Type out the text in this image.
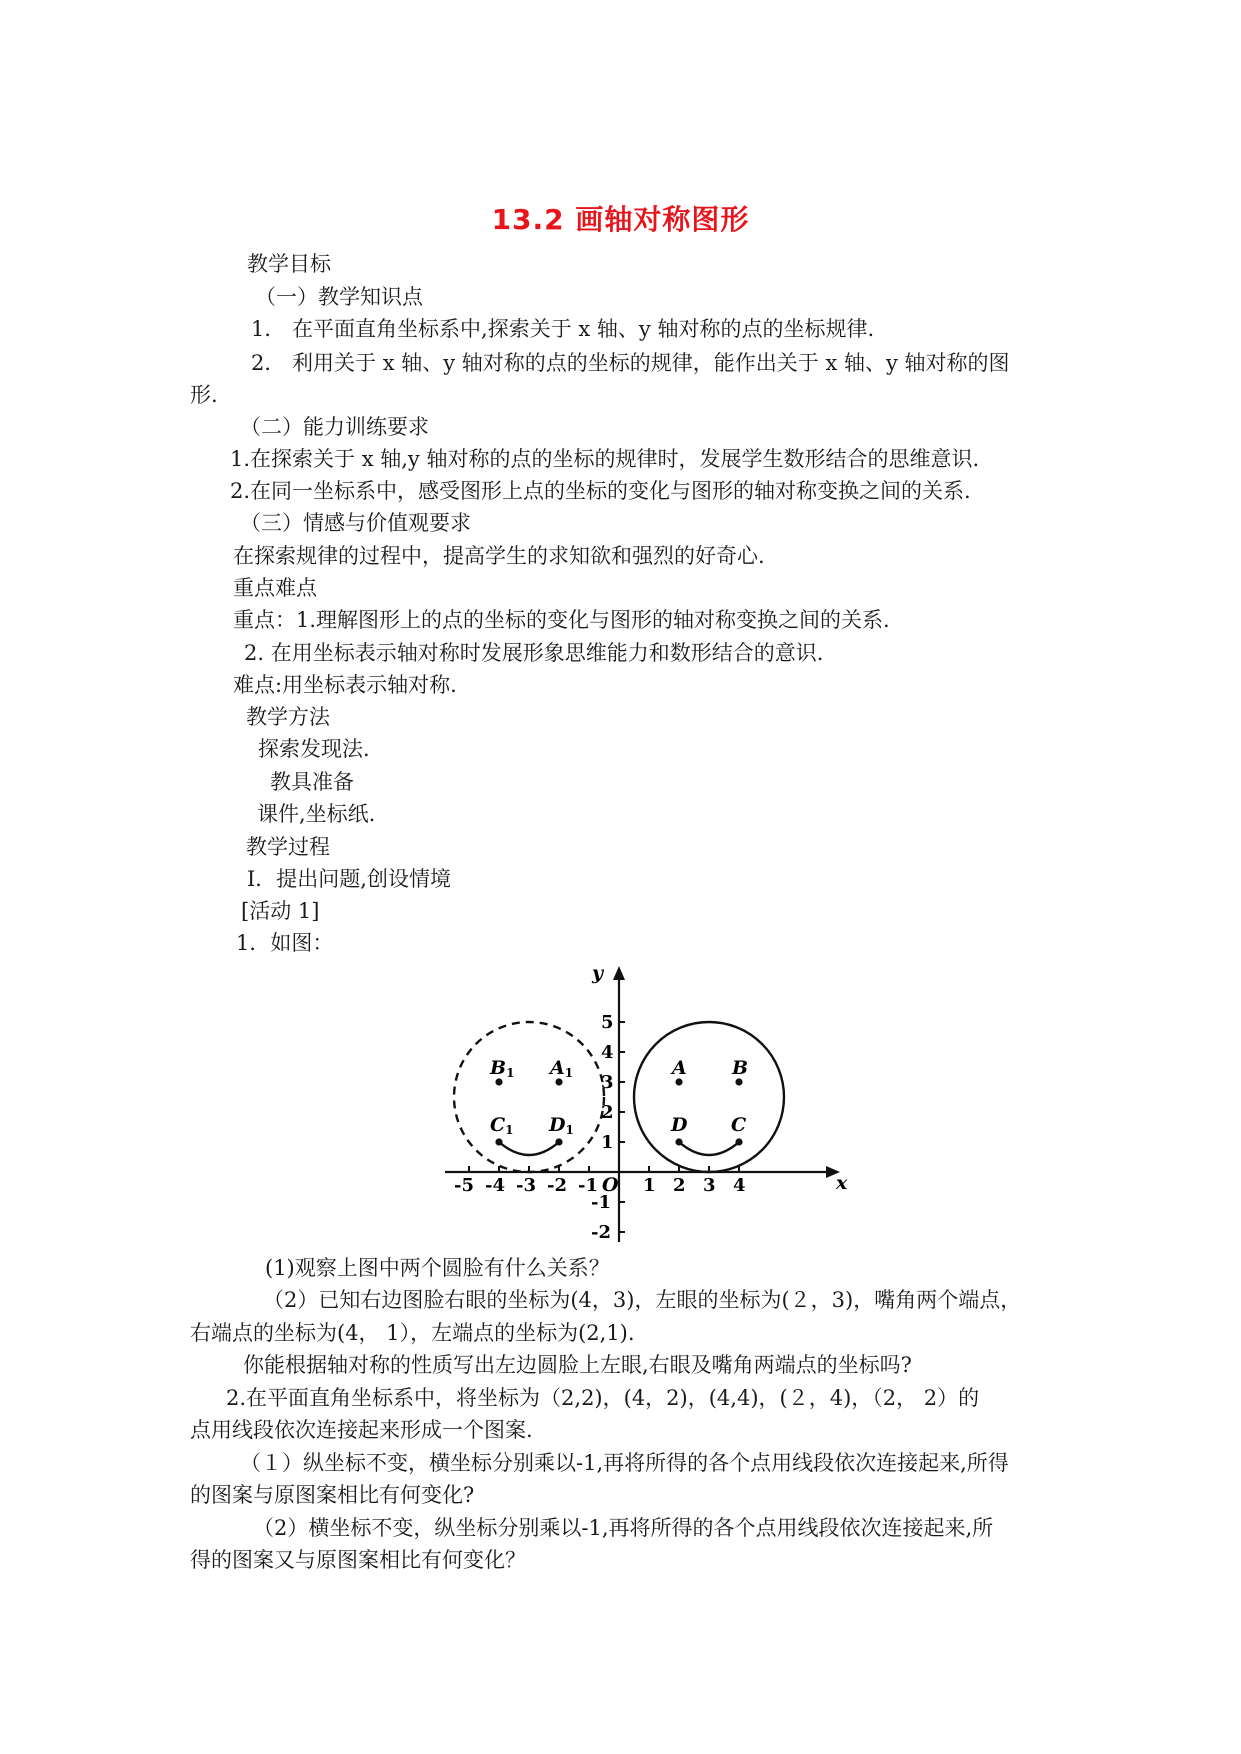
13.2 画轴对称图形
教学目标
（一）教学知识点
1． 在平面直角坐标系中,探索关于 x 轴、y 轴对称的点的坐标规律.
2． 利用关于 x 轴、y 轴对称的点的坐标的规律，能作出关于 x 轴、y 轴对称的图
形.
（二）能力训练要求
1.在探索关于 x 轴,y 轴对称的点的坐标的规律时，发展学生数形结合的思维意识.
2.在同一坐标系中，感受图形上点的坐标的变化与图形的轴对称变换之间的关系.
（三）情感与价值观要求
在探索规律的过程中，提高学生的求知欲和强烈的好奇心.
重点难点
重点：1.理解图形上的点的坐标的变化与图形的轴对称变换之间的关系.
2. 在用坐标表示轴对称时发展形象思维能力和数形结合的意识.
难点:用坐标表示轴对称.
教学方法
探索发现法.
教具准备
课件,坐标纸.
教学过程
Ⅰ．提出问题,创设情境
[活动 1]
1．如图：
x
y
O
-5 -4 -3 -2 -1	1 2 3 4
5
4
3
2
1
-1
-2
A B
D C
B1 A1
C1 D1
(1)观察上图中两个圆脸有什么关系？
（2）已知右边图脸右眼的坐标为(4，3)，左眼的坐标为(２，3)，嘴角两个端点，
右端点的坐标为(4， 1），左端点的坐标为(2,1).
你能根据轴对称的性质写出左边圆脸上左眼,右眼及嘴角两端点的坐标吗?
2.在平面直角坐标系中，将坐标为（2,2)，(4，2)，(4,4)，(２，4)，（2， 2）的
点用线段依次连接起来形成一个图案.
（１）纵坐标不变，横坐标分别乘以-1,再将所得的各个点用线段依次连接起来,所得
的图案与原图案相比有何变化?
（2）横坐标不变，纵坐标分别乘以-1,再将所得的各个点用线段依次连接起来,所
得的图案又与原图案相比有何变化？
